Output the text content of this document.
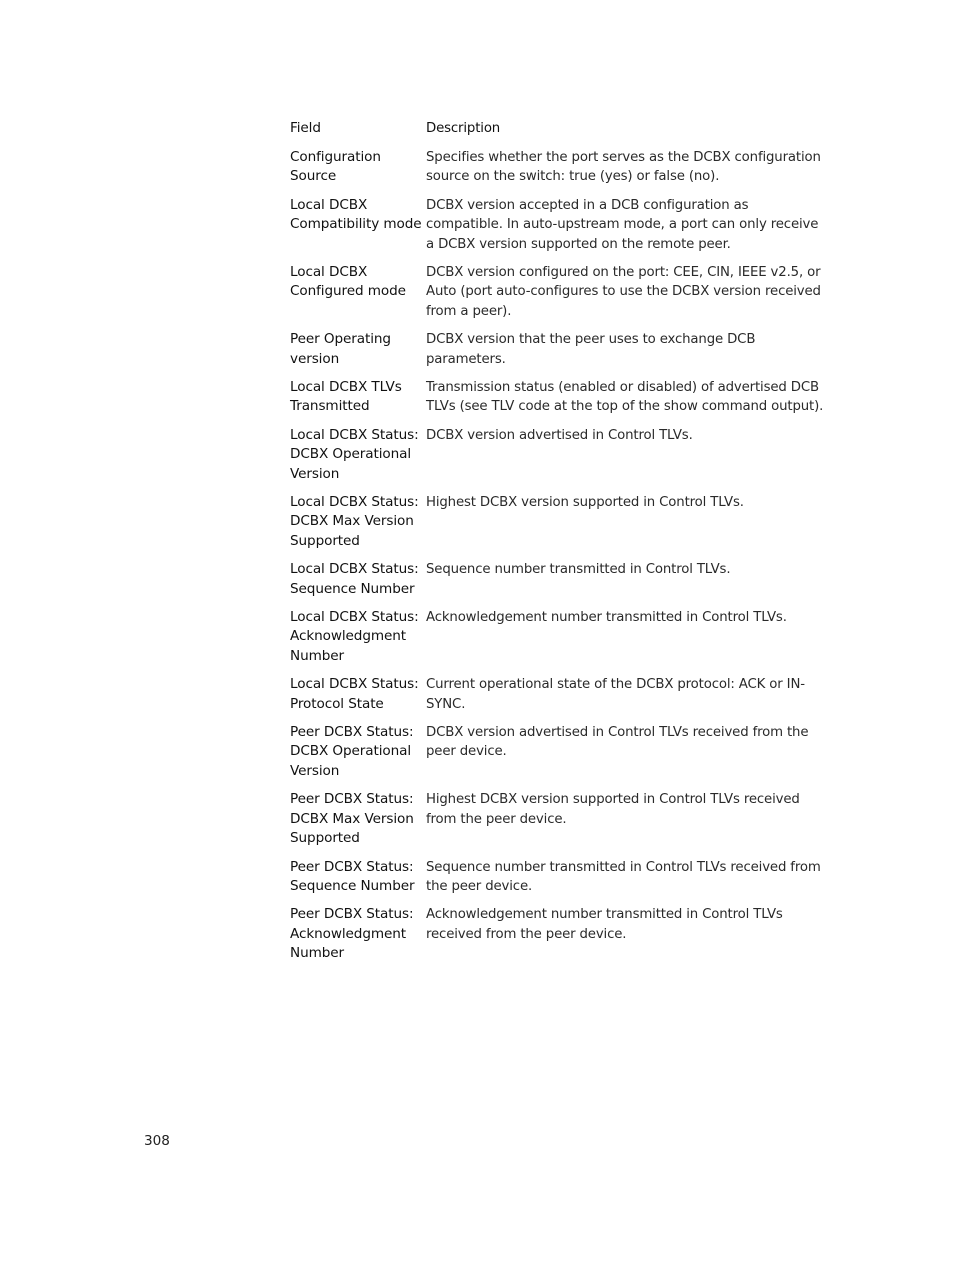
Field	Description
Configuration Source
Specifies whether the port serves as the DCBX configuration source on the switch: true (yes) or false (no).
Local DCBX Compatibility mode
DCBX version accepted in a DCB configuration as compatible. In auto-upstream mode, a port can only receive a DCBX version supported on the remote peer.
Local DCBX Configured mode
DCBX version configured on the port: CEE, CIN, IEEE v2.5, or Auto (port auto-configures to use the DCBX version received from a peer).
Peer Operating version
DCBX version that the peer uses to exchange DCB parameters.
Local DCBX TLVs Transmitted
Transmission status (enabled or disabled) of advertised DCB TLVs (see TLV code at the top of the show command output).
Local DCBX Status: DCBX Operational Version
DCBX version advertised in Control TLVs.
Local DCBX Status: DCBX Max Version Supported
Highest DCBX version supported in Control TLVs.
Local DCBX Status: Sequence Number
Sequence number transmitted in Control TLVs.
Local DCBX Status: Acknowledgment Number
Acknowledgement number transmitted in Control TLVs.
Local DCBX Status: Protocol State
Current operational state of the DCBX protocol: ACK or IN-SYNC.
Peer DCBX Status: DCBX Operational Version
DCBX version advertised in Control TLVs received from the peer device.
Peer DCBX Status: DCBX Max Version Supported
Highest DCBX version supported in Control TLVs received from the peer device.
Peer DCBX Status: Sequence Number
Sequence number transmitted in Control TLVs received from the peer device.
Peer DCBX Status: Acknowledgment Number
Acknowledgement number transmitted in Control TLVs received from the peer device.
308
